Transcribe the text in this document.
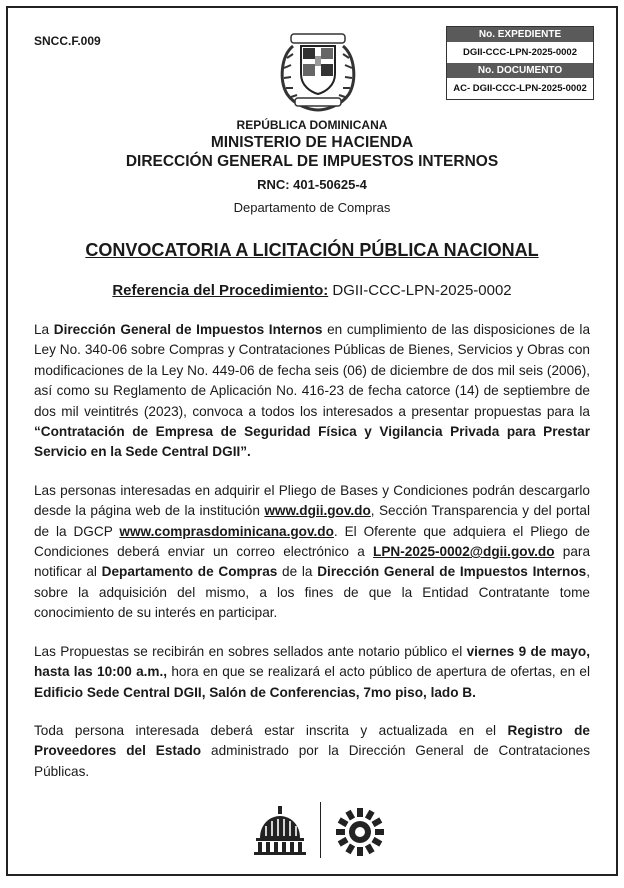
SNCC.F.009	No. EXPEDIENTE
DGII-CCC-LPN-2025-0002
No. DOCUMENTO
AC- DGII-CCC-LPN-2025-0002
REPÚBLICA DOMINICANA
MINISTERIO DE HACIENDA
DIRECCIÓN GENERAL DE IMPUESTOS INTERNOS
RNC: 401-50625-4
Departamento de Compras
CONVOCATORIA A LICITACIÓN PÚBLICA NACIONAL
Referencia del Procedimiento: DGII-CCC-LPN-2025-0002

La Dirección General de Impuestos Internos en cumplimiento de las disposiciones de la Ley No. 340-06 sobre Compras y Contrataciones Públicas de Bienes, Servicios y Obras con modificaciones de la Ley No. 449-06 de fecha seis (06) de diciembre de dos mil seis (2006), así como su Reglamento de Aplicación No. 416-23 de fecha catorce (14) de septiembre de dos mil veintitrés (2023), convoca a todos los interesados a presentar propuestas para la “Contratación de Empresa de Seguridad Física y Vigilancia Privada para Prestar Servicio en la Sede Central DGII”.

Las personas interesadas en adquirir el Pliego de Bases y Condiciones podrán descargarlo desde la página web de la institución www.dgii.gov.do, Sección Transparencia y del portal de la DGCP www.comprasdominicana.gov.do. El Oferente que adquiera el Pliego de Condiciones deberá enviar un correo electrónico a LPN-2025-0002@dgii.gov.do para notificar al Departamento de Compras de la Dirección General de Impuestos Internos, sobre la adquisición del mismo, a los fines de que la Entidad Contratante tome conocimiento de su interés en participar.

Las Propuestas se recibirán en sobres sellados ante notario público el viernes 9 de mayo, hasta las 10:00 a.m., hora en que se realizará el acto público de apertura de ofertas, en el Edificio Sede Central DGII, Salón de Conferencias, 7mo piso, lado B.

Toda persona interesada deberá estar inscrita y actualizada en el Registro de Proveedores del Estado administrado por la Dirección General de Contrataciones Públicas.
